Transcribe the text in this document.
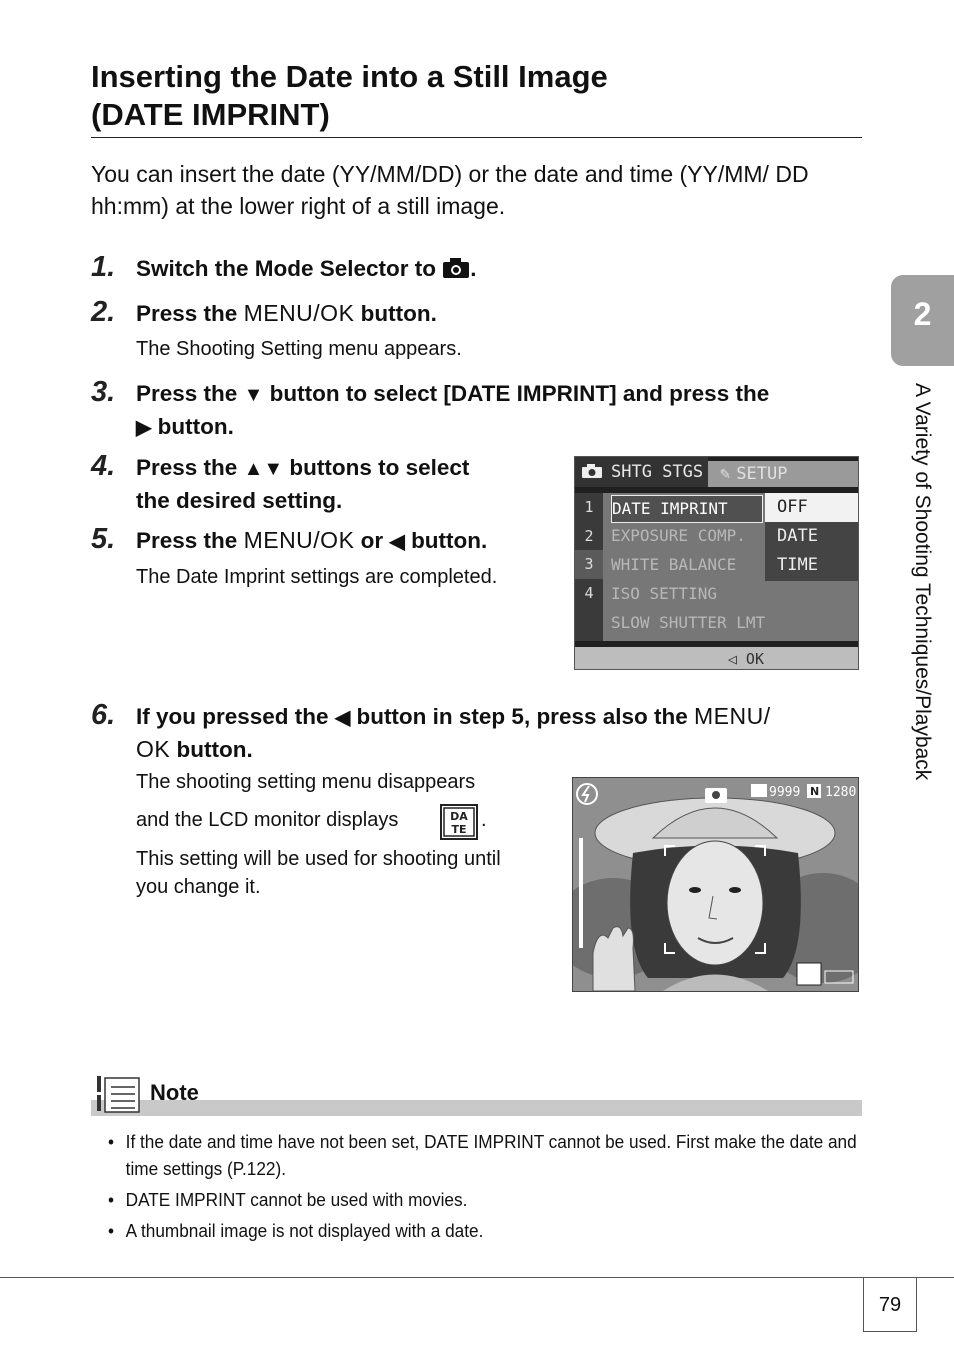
Inserting the Date into a Still Image
(DATE IMPRINT)

You can insert the date (YY/MM/DD) or the date and time (YY/MM/ DD hh:mm) at the lower right of a still image.

1. Switch the Mode Selector to .

2. Press the MENU/OK button.

The Shooting Setting menu appears.

3. Press the ▼ button to select [DATE IMPRINT] and press the
▶ button.

4. Press the ▲▼ buttons to select
the desired setting.

5. Press the MENU/OK or ◀ button.

The Date Imprint settings are completed.

SHTG STGS ✎ SETUP
1
2
3
4
DATE IMPRINT
EXPOSURE COMP.
WHITE BALANCE
ISO SETTING
SLOW SHUTTER LMT
OFF
DATE
TIME
◁ OK
6. If you pressed the ◀ button in step 5, press also the MENU/
OK button.

The shooting setting menu disappears

and the LCD monitor displays	DA
TE .

This setting will be used for shooting until

you change it.

9999 N 1280
2
A Variety of Shooting Techniques/Playback
Note
• If the date and time have not been set, DATE IMPRINT cannot be used. First make the date and time settings (P.122).
• DATE IMPRINT cannot be used with movies.
• A thumbnail image is not displayed with a date.
79
